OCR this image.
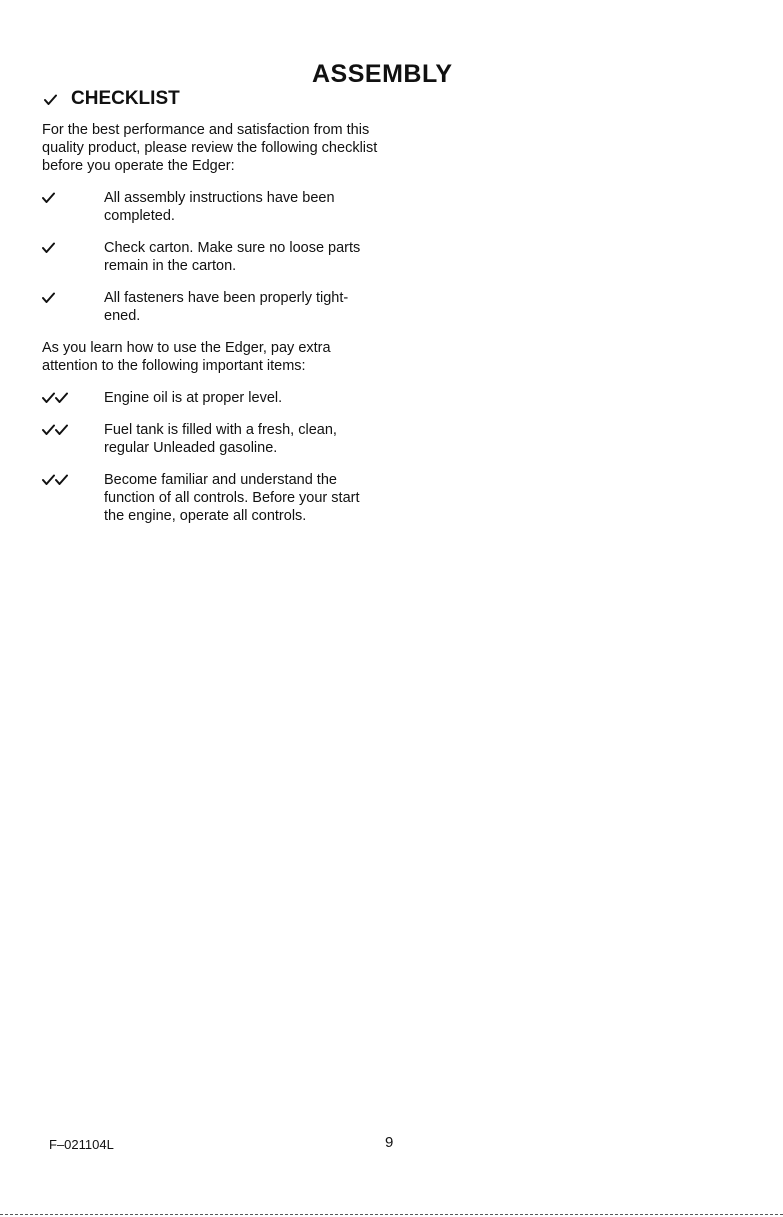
ASSEMBLY
CHECKLIST

For the best performance and satisfaction from this quality product, please review the following checklist before you operate the Edger:

All assembly instructions have been completed.
Check carton. Make sure no loose parts remain in the carton.
All fasteners have been properly tight- ened.

As you learn how to use the Edger, pay extra attention to the following important items:

Engine oil is at proper level.
Fuel tank is filled with a fresh, clean, regular Unleaded gasoline.
Become familiar and understand the function of all controls. Before your start the engine, operate all controls.
F–021104L	9
